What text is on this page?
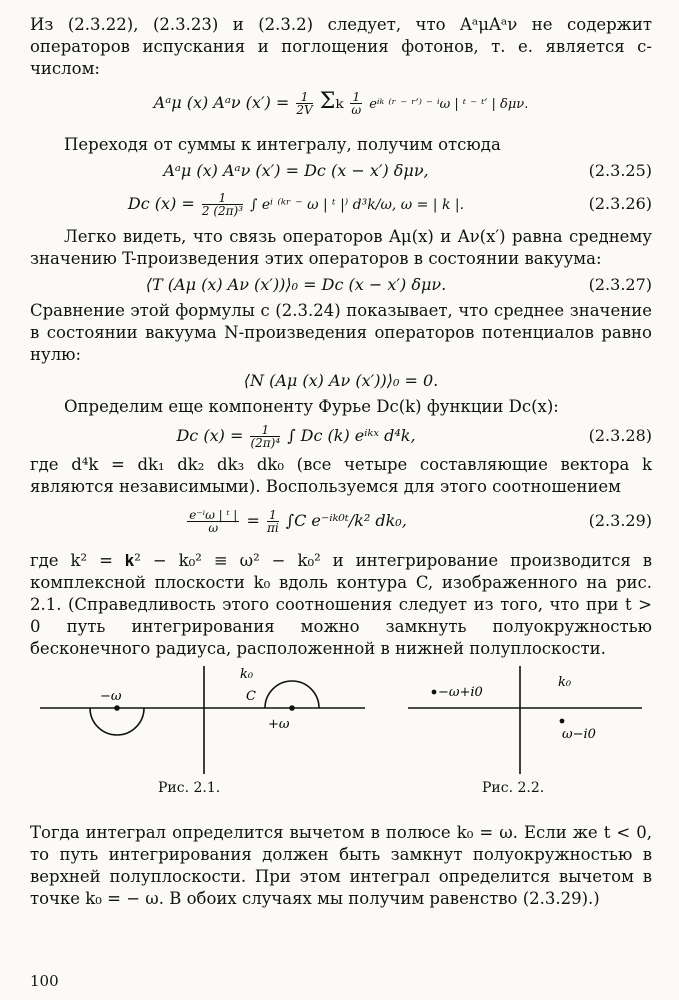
Из (2.3.22), (2.3.23) и (2.3.2) следует, что AᵃμAᵃν не содержит операторов испускания и поглощения фотонов, т. е. является c-числом:

Aᵃμ (x) Aᵃν $(x') = \frac{1}{2V}$ Σₖ $\frac{1}{\omega}$ eⁱᵏ ⁽ʳ ⁻ ʳ′⁾ ⁻ ⁱω | ᵗ ⁻ ᵗ′ | δμν.

Переходя от суммы к интегралу, получим отсюда

Aᵃμ (x) Aᵃν (x′) = Dc (x − x′) δμν,	(2.3.25)
Dc $(x) = \frac{1}{\text{2 (2π)³}}$ ∫ eⁱ ⁽ᵏʳ ⁻ ω | ᵗ |⁾ d³k/ω, ω = | k |.	(2.3.26)

Легко видеть, что связь операторов Aμ(x) и Aν(x′) равна среднему значению T-произведения этих операторов в состоянии вакуума:

⟨T (Aμ (x) Aν (x′))⟩₀ = Dc (x − x′) δμν.	(2.3.27)

Сравнение этой формулы с (2.3.24) показывает, что среднее значение в состоянии вакуума N-произведения операторов потенциалов равно нулю:

⟨N (Aμ (x) Aν (x′))⟩₀ = 0.

Определим еще компоненту Фурье Dc(k) функции Dc(x):

Dc $(x) = \frac{1}{\text{(2π)⁴}}$ ∫ Dc (k) eⁱᵏˣ d⁴k,	(2.3.28)

где d⁴k = dk₁ dk₂ dk₃ dk₀ (все четыре составляющие вектора k являются независимыми). Воспользуемся для этого соотношением

$\frac{\text{e⁻ⁱω | ᵗ |}}{\omega} = \frac{1}{\pi i} \int C$ e⁻ⁱᵏ⁰ᵗ/k² dk₀,	(2.3.29)

где k² = 𝐤² − k₀² ≡ ω² − k₀² и интегрирование производится в комплексной плоскости k₀ вдоль контура C, изображенного на рис. 2.1. (Справедливость этого соотношения следует из того, что при t > 0 путь интегрирования можно замкнуть полуокружностью бесконечного радиуса, расположенной в нижней полуплоскости.

k₀
C
−ω
+ω
k₀
−ω+i0
ω−i0
Рис. 2.1.	Рис. 2.2.

Тогда интеграл определится вычетом в полюсе k₀ = ω. Если же t < 0, то путь интегрирования должен быть замкнут полуокружностью в верхней полуплоскости. При этом интеграл определится вычетом в точке k₀ = − ω. В обоих случаях мы получим равенство (2.3.29).)

100
